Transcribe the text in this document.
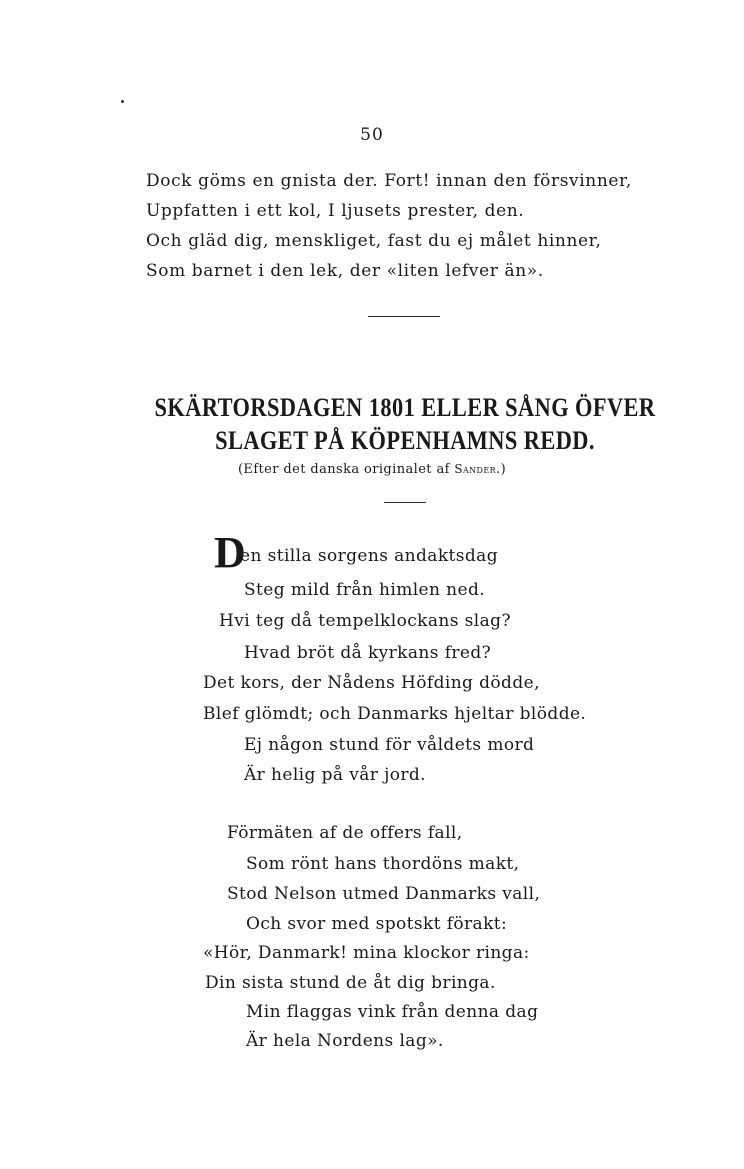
50
Dock göms en gnista der. Fort! innan den försvinner,
Uppfatten i ett kol, I ljusets prester, den.
Och gläd dig, menskliget, fast du ej målet hinner,
Som barnet i den lek, der «liten lefver än».
SKÄRTORSDAGEN 1801 ELLER SÅNG ÖFVER
SLAGET PÅ KÖPENHAMNS REDD.
(Efter det danska originalet af Sander.)
D
en stilla sorgens andaktsdag
Steg mild från himlen ned.
Hvi teg då tempelklockans slag?
Hvad bröt då kyrkans fred?
Det kors, der Nådens Höfding dödde,
Blef glömdt; och Danmarks hjeltar blödde.
Ej någon stund för våldets mord
Är helig på vår jord.
Förmäten af de offers fall,
Som rönt hans thordöns makt,
Stod Nelson utmed Danmarks vall,
Och svor med spotskt förakt:
«Hör, Danmark! mina klockor ringa:
Din sista stund de åt dig bringa.
Min flaggas vink från denna dag
Är hela Nordens lag».
